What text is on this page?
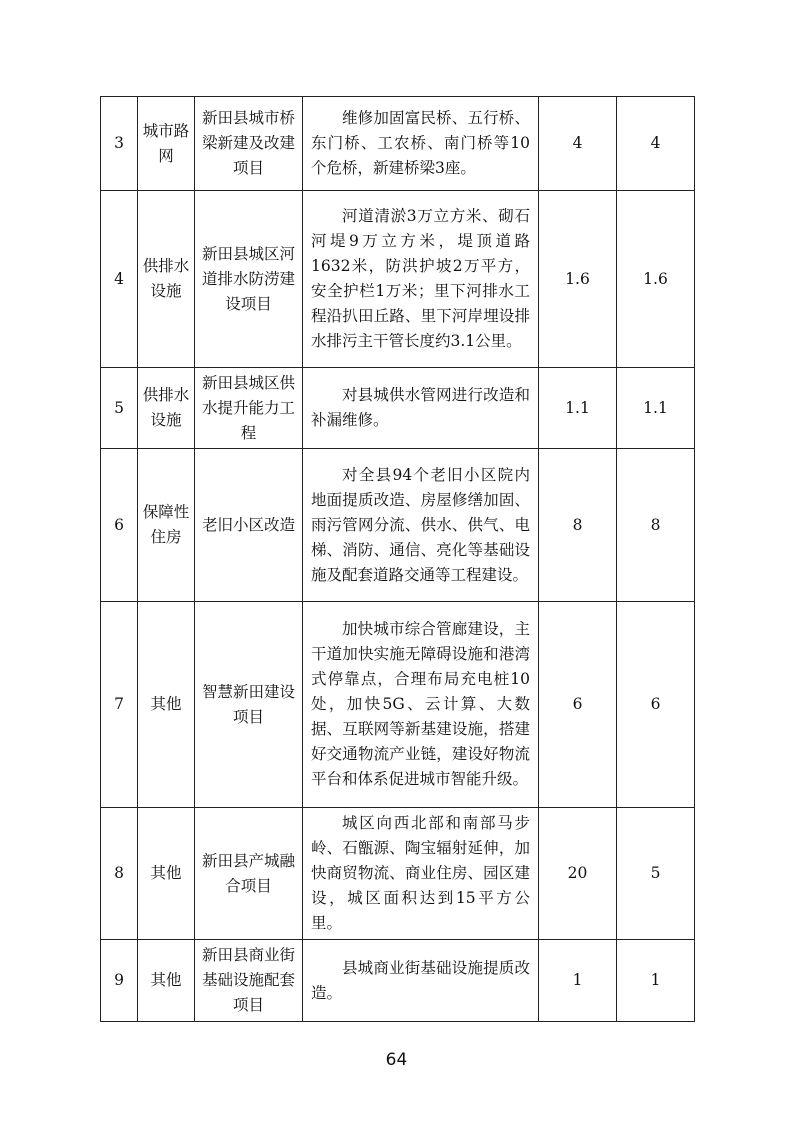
3	城市路网	新田县城市桥梁新建及改建项目	维修加固富民桥、五行桥、东门桥、工农桥、南门桥等10个危桥，新建桥梁3座。	4	4
4	供排水设施	新田县城区河道排水防涝建设项目	河道清淤3万立方米、砌石河堤9万立方米，堤顶道路1632米，防洪护坡2万平方，安全护栏1万米；里下河排水工程沿扒田丘路、里下河岸埋设排水排污主干管长度约3.1公里。	1.6	1.6
5	供排水设施	新田县城区供水提升能力工程	对县城供水管网进行改造和补漏维修。	1.1	1.1
6	保障性住房	老旧小区改造	对全县94个老旧小区院内地面提质改造、房屋修缮加固、雨污管网分流、供水、供气、电梯、消防、通信、亮化等基础设施及配套道路交通等工程建设。	8	8
7	其他	智慧新田建设项目	加快城市综合管廊建设，主干道加快实施无障碍设施和港湾式停靠点，合理布局充电桩10处，加快5G、云计算、大数据、互联网等新基建设施，搭建好交通物流产业链，建设好物流平台和体系促进城市智能升级。	6	6
8	其他	新田县产城融合项目	城区向西北部和南部马步岭、石甑源、陶宝辐射延伸，加快商贸物流、商业住房、园区建设，城区面积达到15平方公里。	20	5
9	其他	新田县商业街基础设施配套项目	县城商业街基础设施提质改造。	1	1
64
